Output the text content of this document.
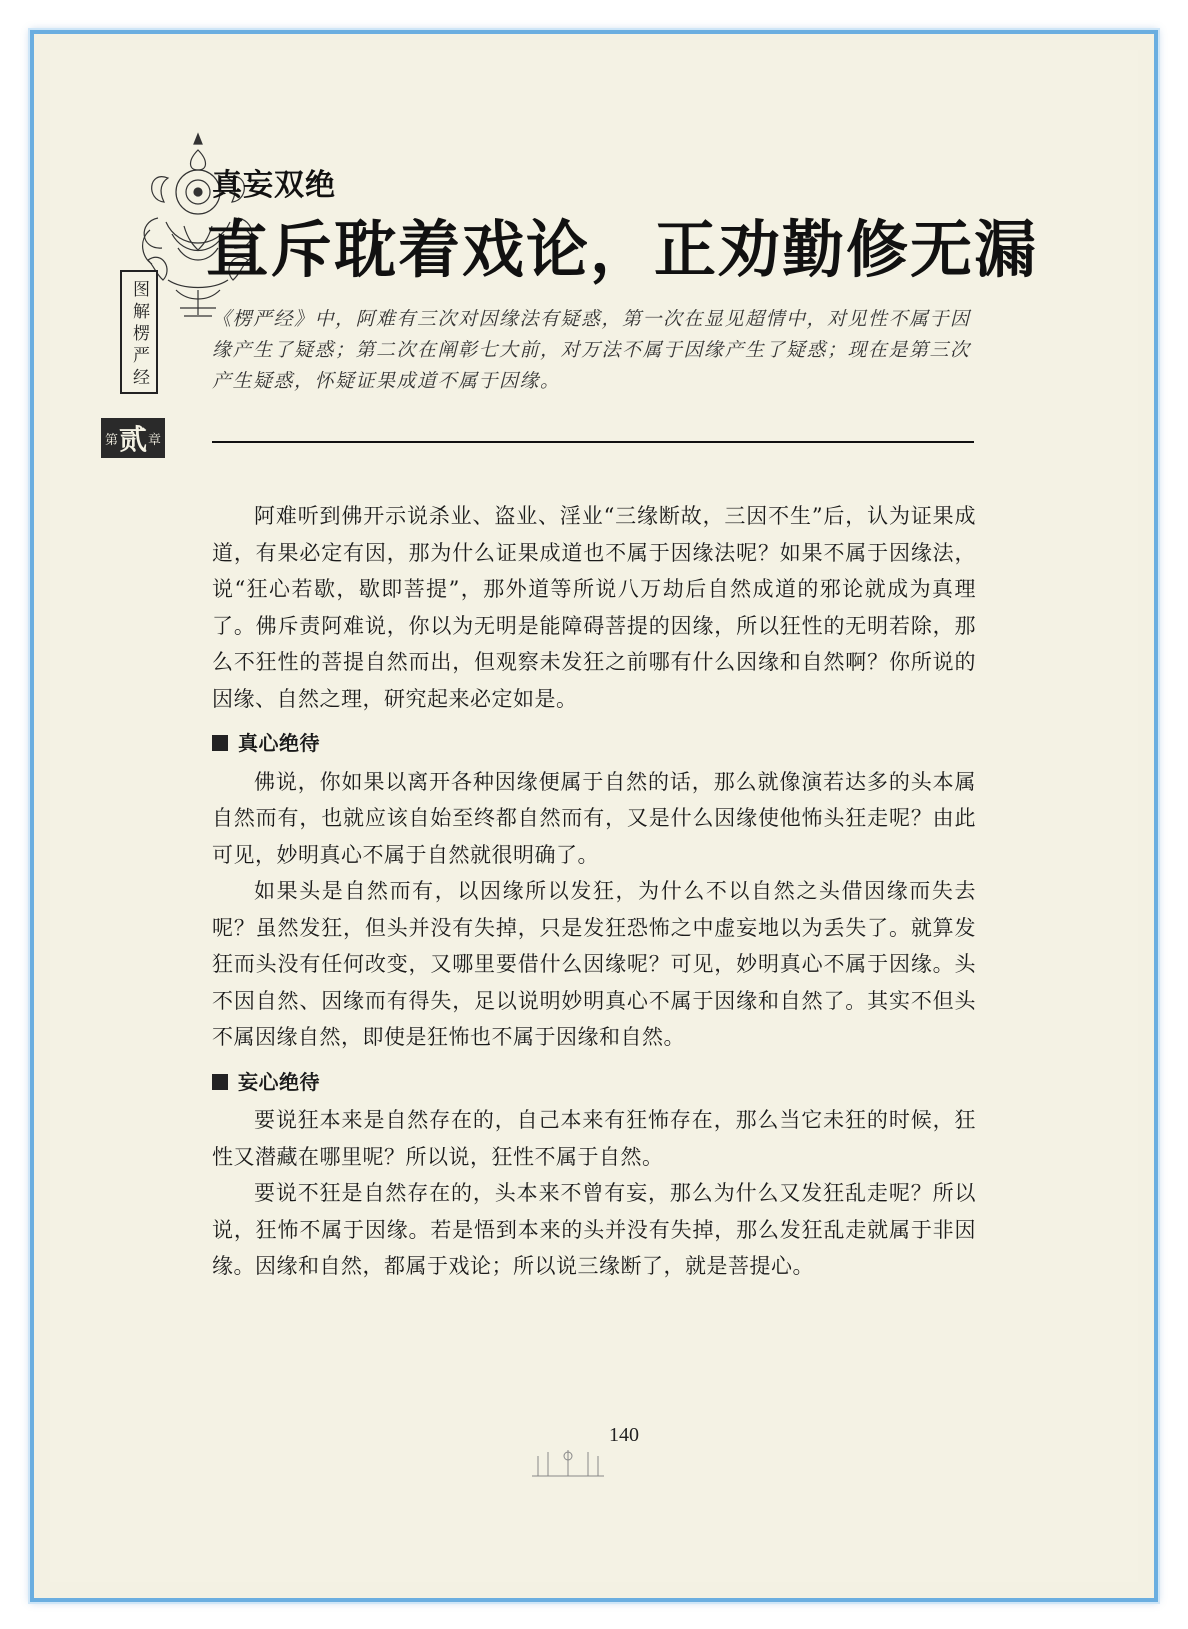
图解楞严经
第 贰 章
真妄双绝
直斥耽着戏论，正劝勤修无漏
《楞严经》中，阿难有三次对因缘法有疑惑，第一次在显见超情中，对见性不属于因缘产生了疑惑；第二次在阐彰七大前，对万法不属于因缘产生了疑惑；现在是第三次产生疑惑，怀疑证果成道不属于因缘。

阿难听到佛开示说杀业、盗业、淫业“三缘断故，三因不生”后，认为证果成道，有果必定有因，那为什么证果成道也不属于因缘法呢？如果不属于因缘法，说“狂心若歇，歇即菩提”，那外道等所说八万劫后自然成道的邪论就成为真理了。佛斥责阿难说，你以为无明是能障碍菩提的因缘，所以狂性的无明若除，那么不狂性的菩提自然而出，但观察未发狂之前哪有什么因缘和自然啊？你所说的因缘、自然之理，研究起来必定如是。

真心绝待

佛说，你如果以离开各种因缘便属于自然的话，那么就像演若达多的头本属自然而有，也就应该自始至终都自然而有，又是什么因缘使他怖头狂走呢？由此可见，妙明真心不属于自然就很明确了。

如果头是自然而有，以因缘所以发狂，为什么不以自然之头借因缘而失去呢？虽然发狂，但头并没有失掉，只是发狂恐怖之中虚妄地以为丢失了。就算发狂而头没有任何改变，又哪里要借什么因缘呢？可见，妙明真心不属于因缘。头不因自然、因缘而有得失，足以说明妙明真心不属于因缘和自然了。其实不但头不属因缘自然，即使是狂怖也不属于因缘和自然。

妄心绝待

要说狂本来是自然存在的，自己本来有狂怖存在，那么当它未狂的时候，狂性又潜藏在哪里呢？所以说，狂性不属于自然。

要说不狂是自然存在的，头本来不曾有妄，那么为什么又发狂乱走呢？所以说，狂怖不属于因缘。若是悟到本来的头并没有失掉，那么发狂乱走就属于非因缘。因缘和自然，都属于戏论；所以说三缘断了，就是菩提心。

140
